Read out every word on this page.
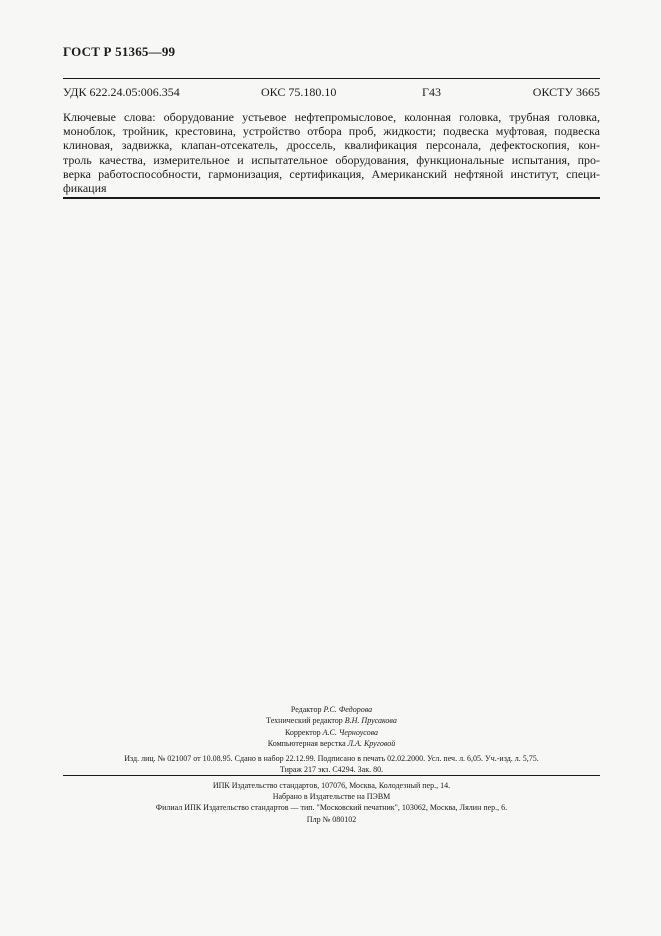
ГОСТ Р 51365—99
УДК 622.24.05:006.354	ОКС 75.180.10	Г43	ОКСТУ 3665
Ключевые слова: оборудование устьевое нефтепромысловое, колонная головка, трубная головка,
моноблок, тройник, крестовина, устройство отбора проб, жидкости; подвеска муфтовая, подвеска
клиновая, задвижка, клапан-отсекатель, дроссель, квалификация персонала, дефектоскопия, кон-
троль качества, измерительное и испытательное оборудования, функциональные испытания, про-
верка работоспособности, гармонизация, сертификация, Американский нефтяной институт, специ-
фикация
Редактор Р.С. Федорова
Технический редактор В.Н. Прусакова
Корректор А.С. Черноусова
Компьютерная верстка Л.А. Круговой
Изд. лиц. № 021007 от 10.08.95. Сдано в набор 22.12.99. Подписано в печать 02.02.2000. Усл. печ. л. 6,05. Уч.-изд. л. 5,75.
Тираж 217 экз. С4294. Зак. 80.
ИПК Издательство стандартов, 107076, Москва, Колодезный пер., 14.
Набрано в Издательстве на ПЭВМ
Филиал ИПК Издательство стандартов — тип. "Московский печатник", 103062, Москва, Лялин пер., 6.
Плр № 080102
